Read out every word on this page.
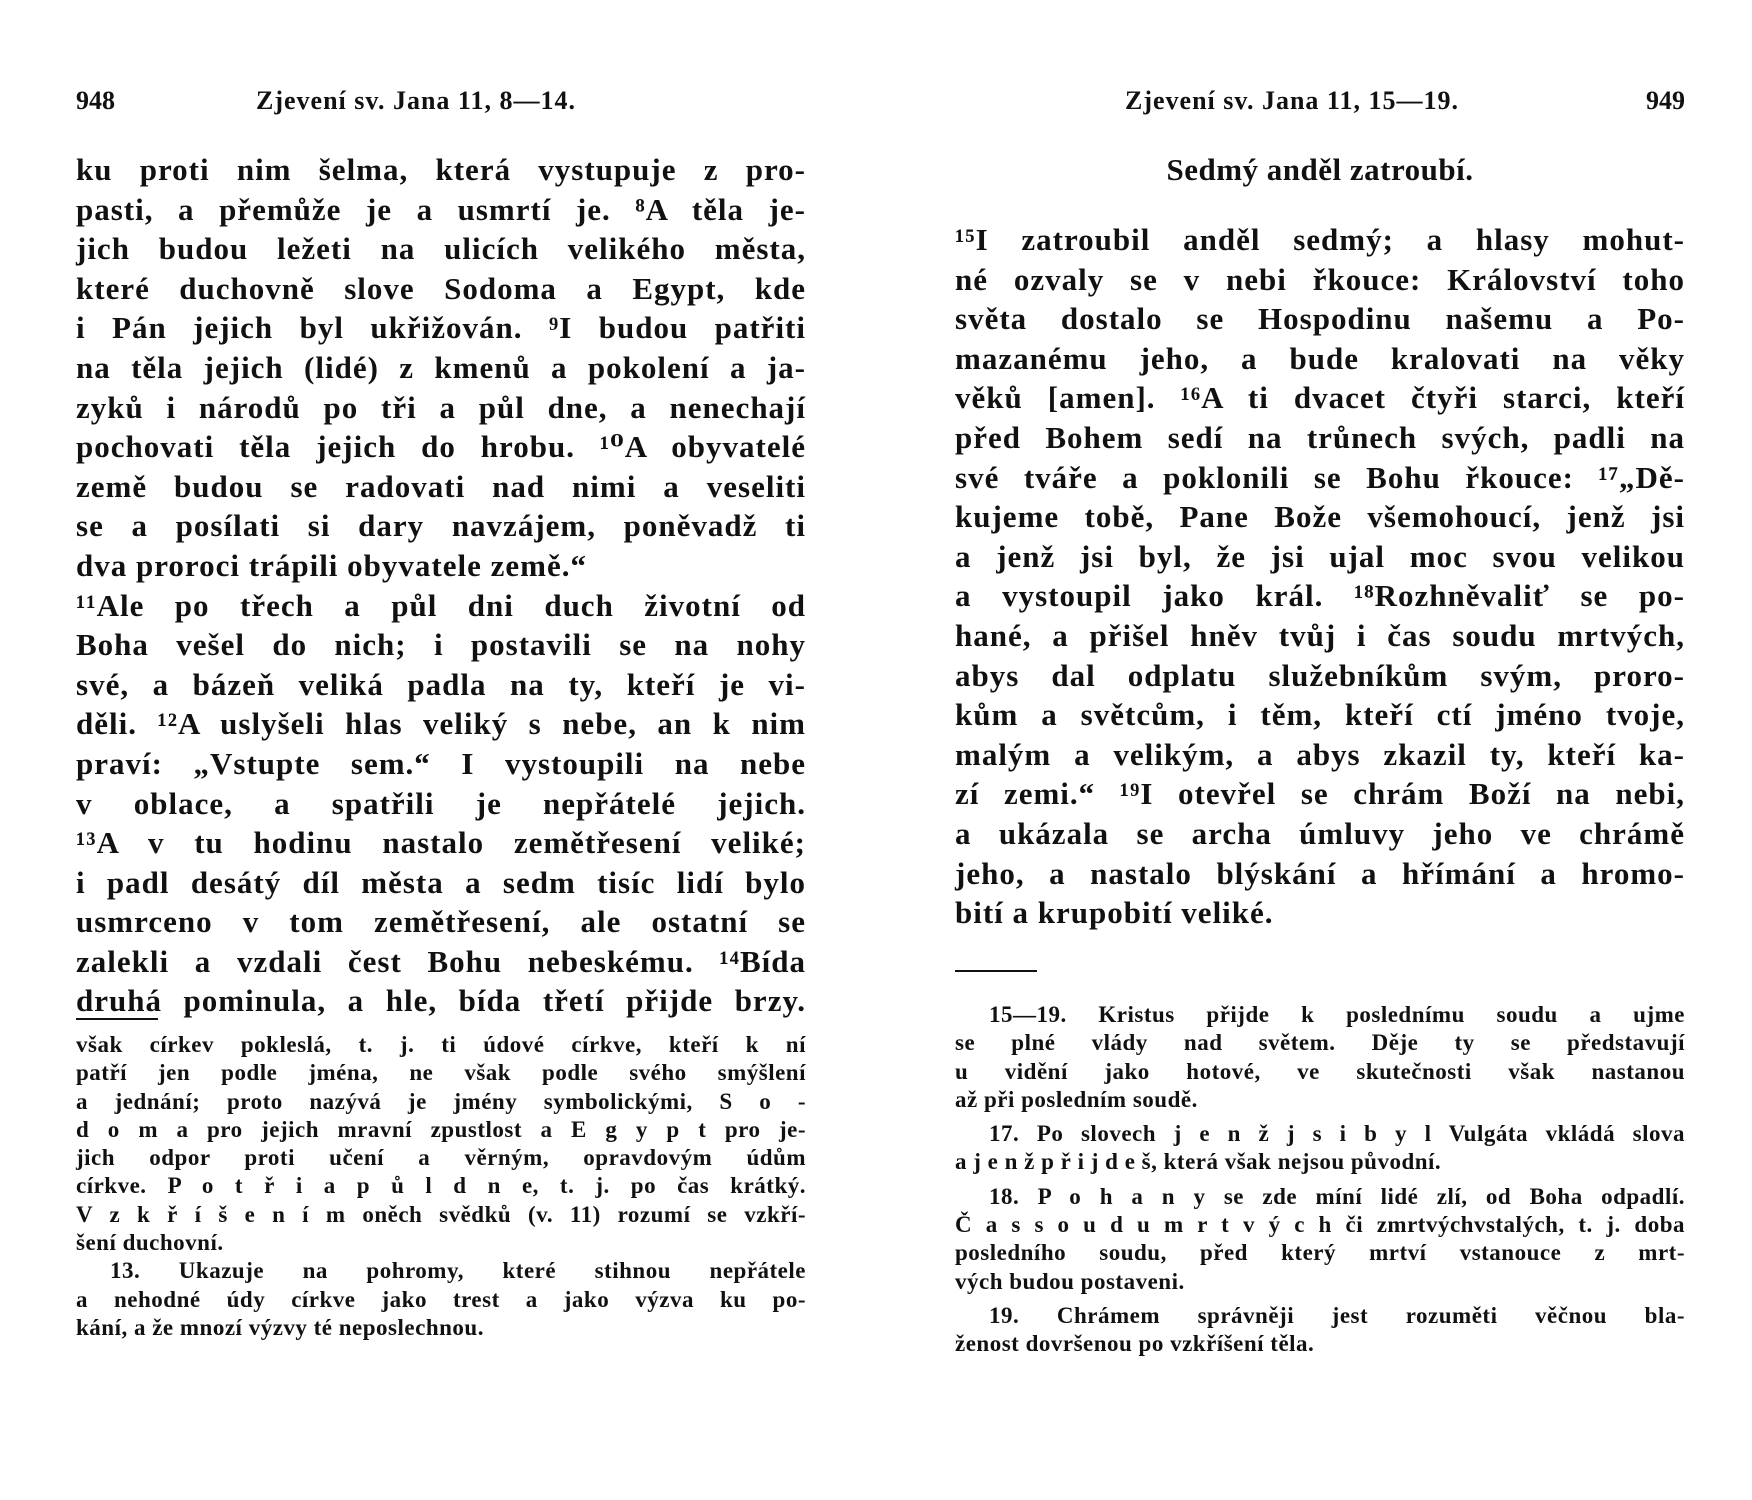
948	Zjevení sv. Jana 11, 8—14.
ku proti nim šelma, která vystupuje z pro-
pasti, a přemůže je a usmrtí je. ⁸A těla je-
jich budou ležeti na ulicích velikého města,
které duchovně slove Sodoma a Egypt, kde
i Pán jejich byl ukřižován. ⁹I budou patřiti
na těla jejich (lidé) z kmenů a pokolení a ja-
zyků i národů po tři a půl dne, a nenechají
pochovati těla jejich do hrobu. ¹⁰A obyvatelé
země budou se radovati nad nimi a veseliti
se a posílati si dary navzájem, poněvadž ti
dva proroci trápili obyvatele země.“
¹¹Ale po třech a půl dni duch životní od
Boha vešel do nich; i postavili se na nohy
své, a bázeň veliká padla na ty, kteří je vi-
děli. ¹²A uslyšeli hlas veliký s nebe, an k nim
praví: „Vstupte sem.“ I vystoupili na nebe
v oblace, a spatřili je nepřátelé jejich.
¹³A v tu hodinu nastalo zemětřesení veliké;
i padl desátý díl města a sedm tisíc lidí bylo
usmrceno v tom zemětřesení, ale ostatní se
zalekli a vzdali čest Bohu nebeskému. ¹⁴Bída
druhá pominula, a hle, bída třetí přijde brzy.
však církev pokleslá, t. j. ti údové církve, kteří k ní
patří jen podle jména, ne však podle svého smýšlení
a jednání; proto nazývá je jmény symbolickými, S o -
d o m a pro jejich mravní zpustlost a E g y p t pro je-
jich odpor proti učení a věrným, opravdovým údům
církve. P o t ř i a p ů l d n e, t. j. po čas krátký.
V z k ř í š e n í m oněch svědků (v. 11) rozumí se vzkří-
šení duchovní.
13. Ukazuje na pohromy, které stihnou nepřátele
a nehodné údy církve jako trest a jako výzva ku po-
kání, a že mnozí výzvy té neposlechnou.
Zjevení sv. Jana 11, 15—19.	949
Sedmý anděl zatroubí.
¹⁵I zatroubil anděl sedmý; a hlasy mohut-
né ozvaly se v nebi řkouce: Království toho
světa dostalo se Hospodinu našemu a Po-
mazanému jeho, a bude kralovati na věky
věků [amen]. ¹⁶A ti dvacet čtyři starci, kteří
před Bohem sedí na trůnech svých, padli na
své tváře a poklonili se Bohu řkouce: ¹⁷„Dě-
kujeme tobě, Pane Bože všemohoucí, jenž jsi
a jenž jsi byl, že jsi ujal moc svou velikou
a vystoupil jako král. ¹⁸Rozhněvaliť se po-
hané, a přišel hněv tvůj i čas soudu mrtvých,
abys dal odplatu služebníkům svým, proro-
kům a světcům, i těm, kteří ctí jméno tvoje,
malým a velikým, a abys zkazil ty, kteří ka-
zí zemi.“ ¹⁹I otevřel se chrám Boží na nebi,
a ukázala se archa úmluvy jeho ve chrámě
jeho, a nastalo blýskání a hřímání a hromo-
bití a krupobití veliké.
15—19. Kristus přijde k poslednímu soudu a ujme
se plné vlády nad světem. Děje ty se představují
u vidění jako hotové, ve skutečnosti však nastanou
až při posledním soudě.
17. Po slovech j e n ž j s i b y l Vulgáta vkládá slova
a j e n ž p ř i j d e š, která však nejsou původní.
18. P o h a n y se zde míní lidé zlí, od Boha odpadlí.
Č a s s o u d u m r t v ý c h či zmrtvýchvstalých, t. j. doba
posledního soudu, před který mrtví vstanouce z mrt-
vých budou postaveni.
19. Chrámem správněji jest rozuměti věčnou bla-
ženost dovršenou po vzkříšení těla.
